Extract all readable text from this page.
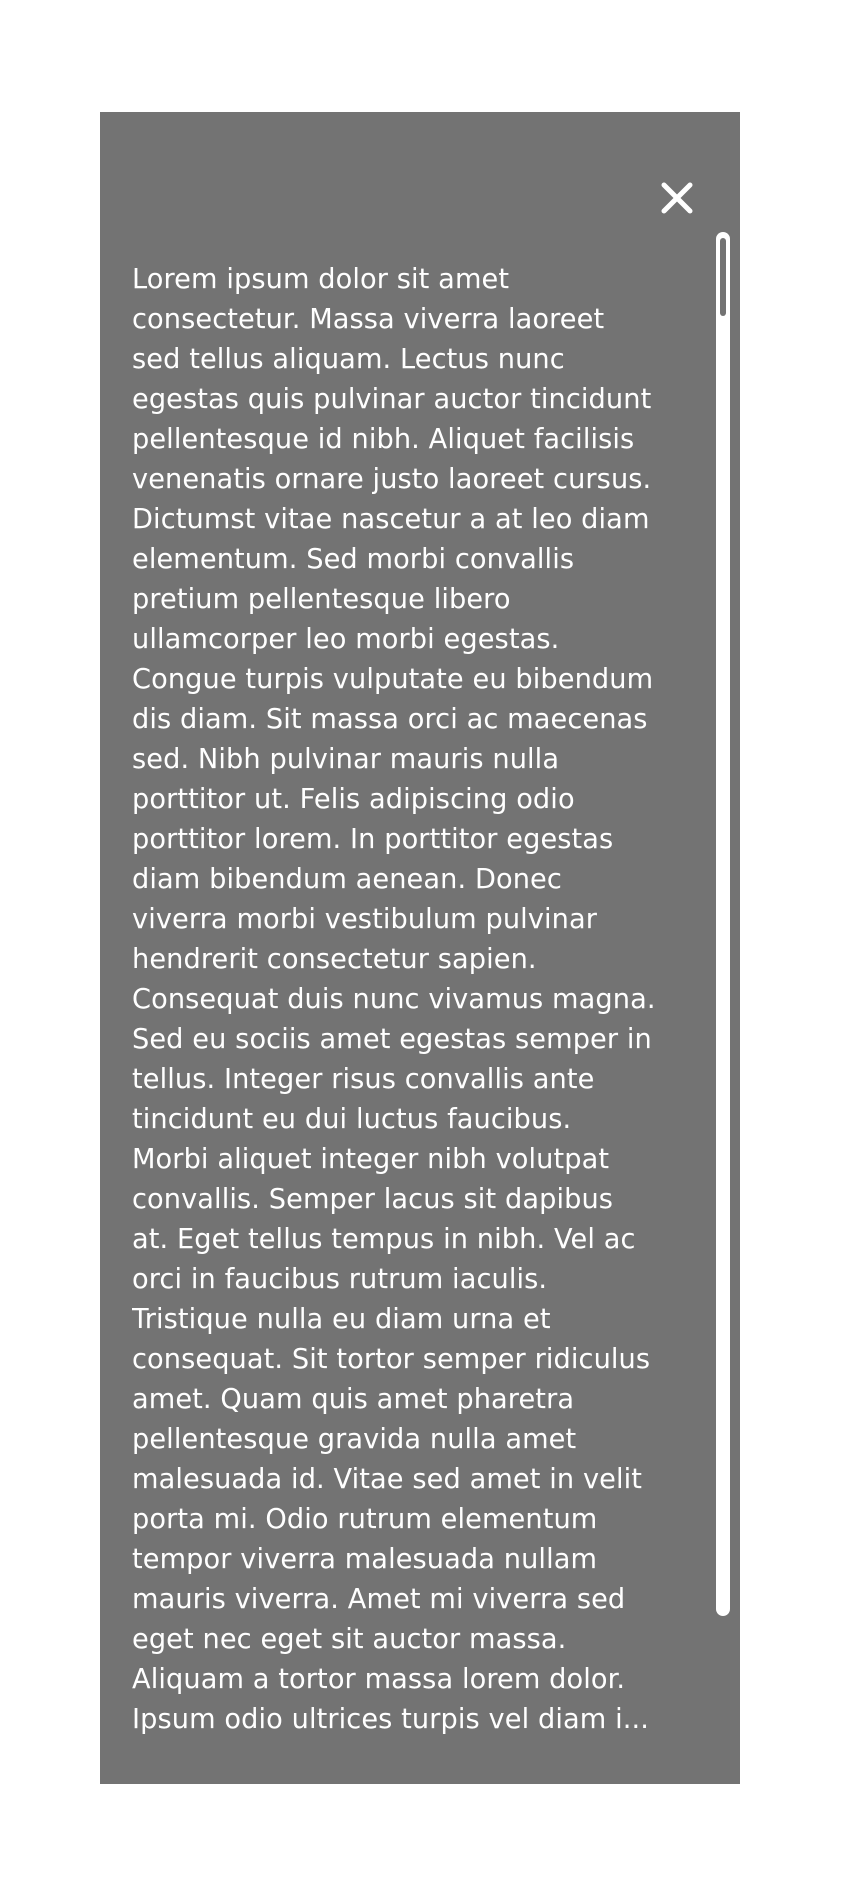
Lorem ipsum dolor sit amet
consectetur. Massa viverra laoreet
sed tellus aliquam. Lectus nunc
egestas quis pulvinar auctor tincidunt
pellentesque id nibh. Aliquet facilisis
venenatis ornare justo laoreet cursus.
Dictumst vitae nascetur a at leo diam
elementum. Sed morbi convallis
pretium pellentesque libero
ullamcorper leo morbi egestas.
Congue turpis vulputate eu bibendum
dis diam. Sit massa orci ac maecenas
sed. Nibh pulvinar mauris nulla
porttitor ut. Felis adipiscing odio
porttitor lorem. In porttitor egestas
diam bibendum aenean. Donec
viverra morbi vestibulum pulvinar
hendrerit consectetur sapien.
Consequat duis nunc vivamus magna.
Sed eu sociis amet egestas semper in
tellus. Integer risus convallis ante
tincidunt eu dui luctus faucibus.
Morbi aliquet integer nibh volutpat
convallis. Semper lacus sit dapibus
at. Eget tellus tempus in nibh. Vel ac
orci in faucibus rutrum iaculis.
Tristique nulla eu diam urna et
consequat. Sit tortor semper ridiculus
amet. Quam quis amet pharetra
pellentesque gravida nulla amet
malesuada id. Vitae sed amet in velit
porta mi. Odio rutrum elementum
tempor viverra malesuada nullam
mauris viverra. Amet mi viverra sed
eget nec eget sit auctor massa.
Aliquam a tortor massa lorem dolor.
Ipsum odio ultrices turpis vel diam i...
